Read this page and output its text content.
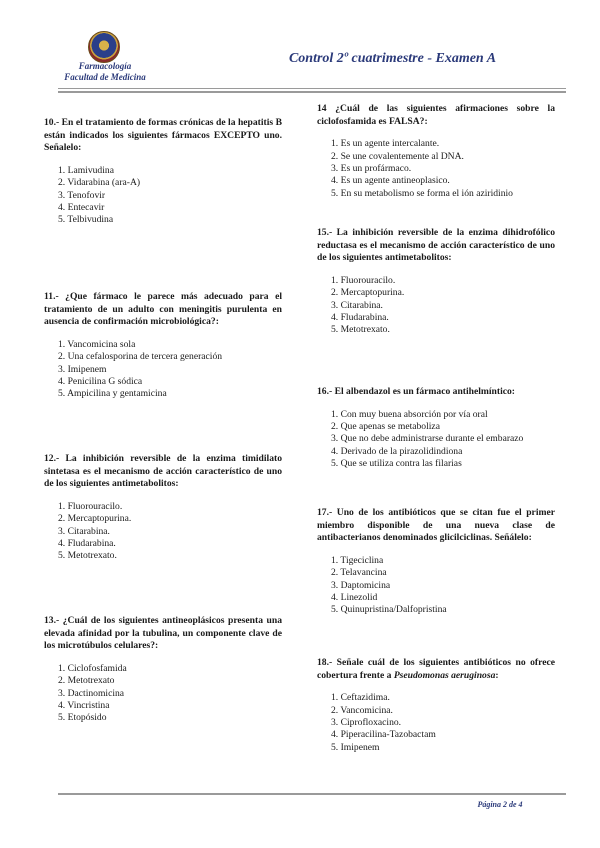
Farmacología
Facultad de Medicina
Control 2º cuatrimestre - Examen A
10.- En el tratamiento de formas crónicas de la hepatitis B están indicados los siguientes fármacos EXCEPTO uno. Señalelo:
1. Lamivudina
2. Vidarabina (ara-A)
3. Tenofovir
4. Entecavir
5. Telbivudina
11.- ¿Que fármaco le parece más adecuado para el tratamiento de un adulto con meningitis purulenta en ausencia de confirmación microbiológica?:
1. Vancomicina sola
2. Una cefalosporina de tercera generación
3. Imipenem
4. Penicilina G sódica
5. Ampicilina y gentamicina
12.- La inhibición reversible de la enzima timidilato sintetasa es el mecanismo de acción característico de uno de los siguientes antimetabolitos:
1. Fluorouracilo.
2. Mercaptopurina.
3. Citarabina.
4. Fludarabina.
5. Metotrexato.
13.- ¿Cuál de los siguientes antineoplásicos presenta una elevada afinidad por la tubulina, un componente clave de los microtúbulos celulares?:
1. Ciclofosfamida
2. Metotrexato
3. Dactinomicina
4. Vincristina
5. Etopósido
14 ¿Cuál de las siguientes afirmaciones sobre la ciclofosfamida es FALSA?:
1. Es un agente intercalante.
2. Se une covalentemente al DNA.
3. Es un profármaco.
4. Es un agente antineoplasico.
5. En su metabolismo se forma el ión aziridinio
15.- La inhibición reversible de la enzima dihidrofólico reductasa es el mecanismo de acción característico de uno de los siguientes antimetabolitos:
1. Fluorouracilo.
2. Mercaptopurina.
3. Citarabina.
4. Fludarabina.
5. Metotrexato.
16.- El albendazol es un fármaco antihelmíntico:
1. Con muy buena absorción por vía oral
2. Que apenas se metaboliza
3. Que no debe administrarse durante el embarazo
4. Derivado de la pirazolidindiona
5. Que se utiliza contra las filarias
17.- Uno de los antibióticos que se citan fue el primer miembro disponible de una nueva clase de antibacterianos denominados glicilciclinas. Señálelo:
1. Tigeciclina
2. Telavancina
3. Daptomicina
4. Linezolid
5. Quinupristina/Dalfopristina
18.- Señale cuál de los siguientes antibióticos no ofrece cobertura frente a Pseudomonas aeruginosa:
1. Ceftazidima.
2. Vancomicina.
3. Ciprofloxacino.
4. Piperacilina-Tazobactam
5. Imipenem
Página 2 de 4
